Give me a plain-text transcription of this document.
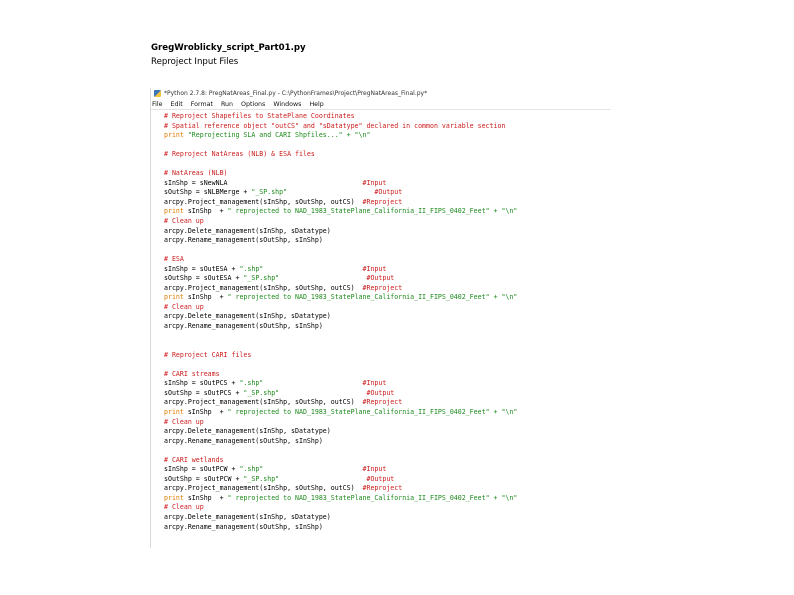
GregWroblicky_script_Part01.py
Reproject Input Files
*Python 2.7.8: PregNatAreas_Final.py - C:\PythonFrames\Project\PregNatAreas_Final.py*
File Edit Format Run Options Windows Help
# Reproject Shapefiles to StatePlane Coordinates
# Spatial reference object "outCS" and "sDatatype" declared in common variable section
print "Reprojecting SLA and CARI Shpfiles..." + "\n"
# Reproject NatAreas (NLB) & ESA files
# NatAreas (NLB)
sInShp = sNewNLA                                  #Input
sOutShp = sNLBMerge + "_SP.shp"	#Output
arcpy.Project_management(sInShp, sOutShp, outCS)  #Reproject
print sInShp  + " reprojected to NAD_1983_StatePlane_California_II_FIPS_0402_Feet" + "\n"
# Clean up
arcpy.Delete_management(sInShp, sDatatype)
arcpy.Rename_management(sOutShp, sInShp)
# ESA
sInShp = sOutESA + ".shp"	#Input
sOutShp = sOutESA + "_SP.shp"	#Output
arcpy.Project_management(sInShp, sOutShp, outCS)  #Reproject
print sInShp  + " reprojected to NAD_1983_StatePlane_California_II_FIPS_0402_Feet" + "\n"
# Clean up
arcpy.Delete_management(sInShp, sDatatype)
arcpy.Rename_management(sOutShp, sInShp)
# Reproject CARI files
# CARI streams
sInShp = sOutPCS + ".shp"	#Input
sOutShp = sOutPCS + "_SP.shp"	#Output
arcpy.Project_management(sInShp, sOutShp, outCS)  #Reproject
print sInShp  + " reprojected to NAD_1983_StatePlane_California_II_FIPS_0402_Feet" + "\n"
# Clean up
arcpy.Delete_management(sInShp, sDatatype)
arcpy.Rename_management(sOutShp, sInShp)
# CARI wetlands
sInShp = sOutPCW + ".shp"	#Input
sOutShp = sOutPCW + "_SP.shp"	#Output
arcpy.Project_management(sInShp, sOutShp, outCS)  #Reproject
print sInShp  + " reprojected to NAD_1983_StatePlane_California_II_FIPS_0402_Feet" + "\n"
# Clean up
arcpy.Delete_management(sInShp, sDatatype)
arcpy.Rename_management(sOutShp, sInShp)
